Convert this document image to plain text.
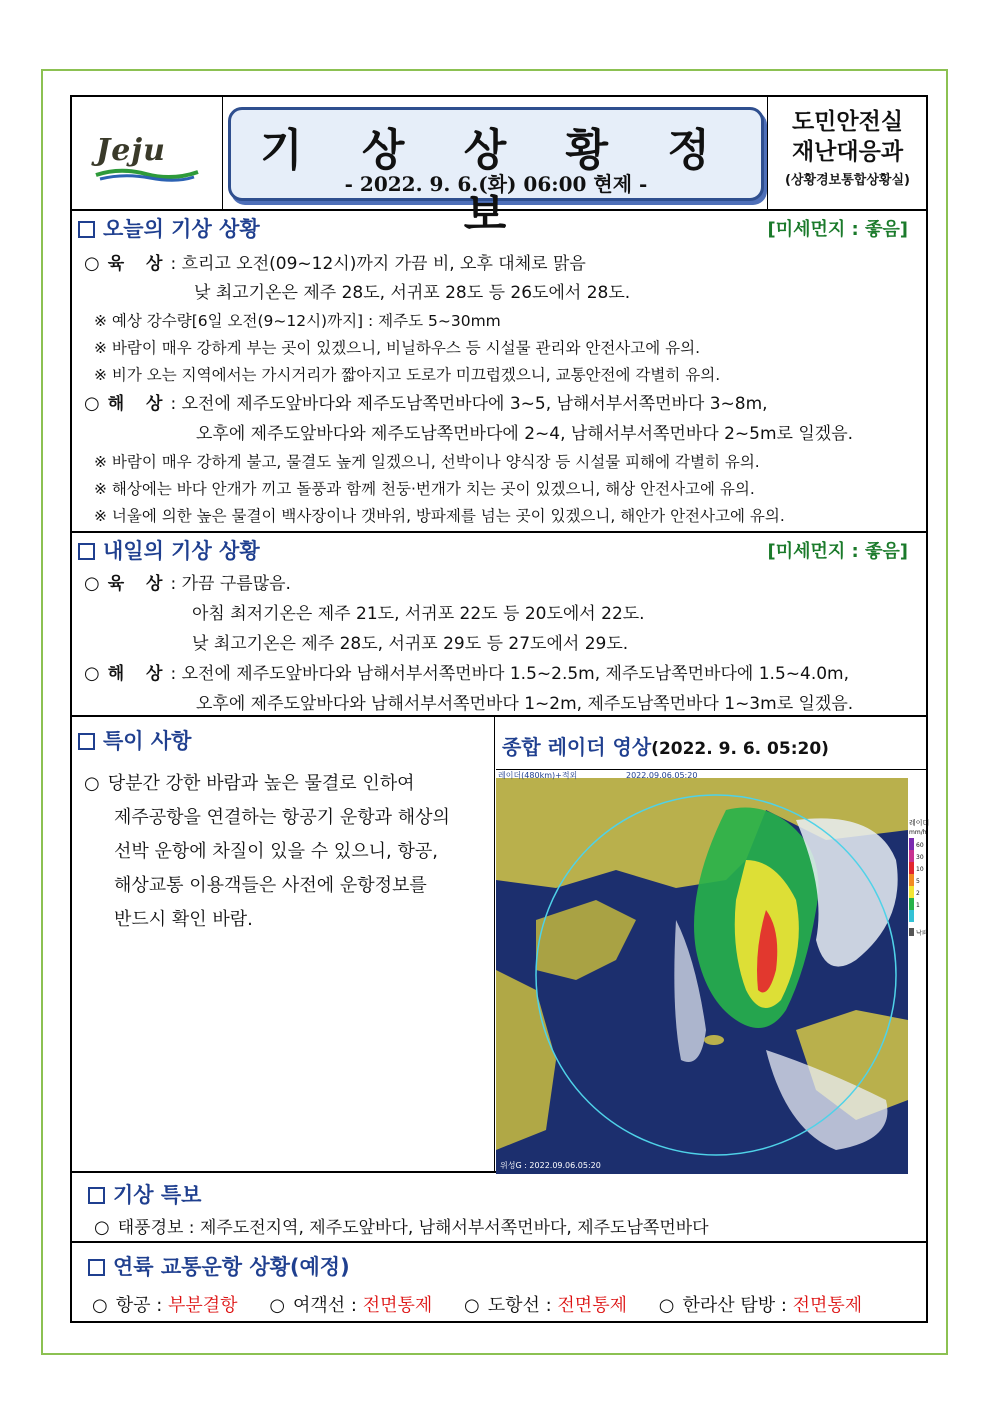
Jeju	기 상 상 황 정 보
- 2022. 9. 6.(화) 06:00 현제 -
도민안전실
재난대응과
(상황경보통합상황실)
오늘의 기상 상황	[미세먼지 : 좋음]
○ 육 상: 흐리고 오전(09~12시)까지 가끔 비, 오후 대체로 맑음
낮 최고기온은 제주 28도, 서귀포 28도 등 26도에서 28도.
※ 예상 강수량[6일 오전(9~12시)까지] : 제주도 5~30mm
※ 바람이 매우 강하게 부는 곳이 있겠으니, 비닐하우스 등 시설물 관리와 안전사고에 유의.
※ 비가 오는 지역에서는 가시거리가 짧아지고 도로가 미끄럽겠으니, 교통안전에 각별히 유의.
○ 해 상: 오전에 제주도앞바다와 제주도남쪽먼바다에 3~5, 남해서부서쪽먼바다 3~8m,
오후에 제주도앞바다와 제주도남쪽먼바다에 2~4, 남해서부서쪽먼바다 2~5m로 일겠음.
※ 바람이 매우 강하게 불고, 물결도 높게 일겠으니, 선박이나 양식장 등 시설물 피해에 각별히 유의.
※ 해상에는 바다 안개가 끼고 돌풍과 함께 천둥·번개가 치는 곳이 있겠으니, 해상 안전사고에 유의.
※ 너울에 의한 높은 물결이 백사장이나 갯바위, 방파제를 넘는 곳이 있겠으니, 해안가 안전사고에 유의.
내일의 기상 상황	[미세먼지 : 좋음]
○ 육 상: 가끔 구름많음.
아침 최저기온은 제주 21도, 서귀포 22도 등 20도에서 22도.
낮 최고기온은 제주 28도, 서귀포 29도 등 27도에서 29도.
○ 해 상: 오전에 제주도앞바다와 남해서부서쪽먼바다 1.5~2.5m, 제주도남쪽먼바다에 1.5~4.0m,
오후에 제주도앞바다와 남해서부서쪽먼바다 1~2m, 제주도남쪽먼바다 1~3m로 일겠음.
특이 사항
○ 당분간 강한 바람과 높은 물결로 인하여
제주공항을 연결하는 항공기 운항과 해상의
선박 운항에 차질이 있을 수 있으니, 항공,
해상교통 이용객들은 사전에 운항정보를
반드시 확인 바람.
종합 레이더 영상(2022. 9. 6. 05:20)
레이더(480km)+적외	2022.09.06.05:20
위성G : 2022.09.06.05:20
레이더
mm/h
60
30
10
5
2
1
낙뢰
기상 특보
○ 태풍경보 : 제주도전지역, 제주도앞바다, 남해서부서쪽먼바다, 제주도남쪽먼바다
연륙 교통운항 상황(예정)
○ 항공 : 부분결항 ○ 여객선 : 전면통제 ○ 도항선 : 전면통제 ○ 한라산 탐방 : 전면통제
